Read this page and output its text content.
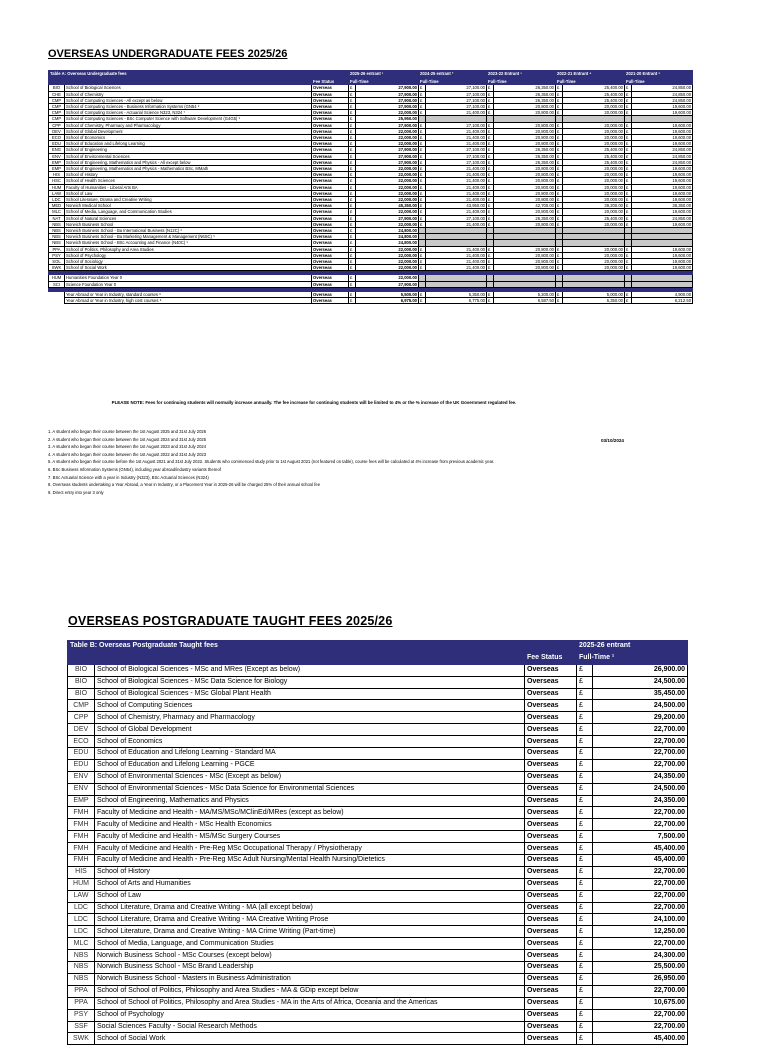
OVERSEAS UNDERGRADUATE FEES 2025/26
Table A: Overseas Undergraduate fees			2025-26 entrant ¹		2024-25 entrant ²		2023-22 Entrant ³		2022-21 Entrant ⁴		2021-20 Entrant ⁵	
		Fee Status	Full-Time		Full-Time		Full-Time		Full-Time		Full-Time	
BIO	School of Biological Sciences	Overseas	£	27,900.00	£	27,100.00	£	26,350.00	£	25,400.00	£	24,850.00
CHE	School of Chemistry	Overseas	£	27,900.00	£	27,100.00	£	26,350.00	£	25,400.00	£	24,850.00
CMP	School of Computing Sciences - All except as below	Overseas	£	27,900.00	£	27,100.00	£	26,350.00	£	25,400.00	£	24,850.00
CMP	School of Computing Sciences - Business Information Systems (GN54 ⁶	Overseas	£	27,900.00	£	27,100.00	£	20,800.00	£	20,000.00	£	19,600.00
CMP	School of Computing Sciences - Actuarial Science N323, N324 ⁷	Overseas	£	22,000.00	£	21,400.00	£	20,800.00	£	20,000.00	£	19,600.00
CMP	School of Computing Sciences - BSc Computer Science with Software Development (G4G5) ⁹	Overseas	£	25,950.00								
CPP	School of Chemistry, Pharmacy and Pharmacology	Overseas	£	27,900.00	£	27,100.00	£	20,800.00	£	20,000.00	£	19,600.00
DEV	School of Global Development	Overseas	£	22,000.00	£	21,400.00	£	20,800.00	£	20,000.00	£	19,600.00
ECO	School of Economics	Overseas	£	22,000.00	£	21,400.00	£	20,800.00	£	20,000.00	£	19,600.00
EDU	School of Education and Lifelong Learning	Overseas	£	22,000.00	£	21,400.00	£	20,800.00	£	20,000.00	£	19,600.00
ENG	School of Engineering	Overseas	£	27,900.00	£	27,100.00	£	26,350.00	£	25,400.00	£	24,850.00
ENV	School of Environmental Sciences	Overseas	£	27,900.00	£	27,100.00	£	26,350.00	£	25,400.00	£	24,850.00
EMP	School of Engineering, Mathematics and Physics - All except below	Overseas	£	27,900.00	£	27,100.00	£	26,350.00	£	25,400.00	£	24,850.00
EMP	School of Engineering, Mathematics and Physics - Mathematics BSc, MMath	Overseas	£	22,000.00	£	21,400.00	£	20,800.00	£	20,000.00	£	19,600.00
HIS	School of History	Overseas	£	22,000.00	£	21,400.00	£	20,800.00	£	20,000.00	£	19,600.00
HSC	School of Health Sciences	Overseas	£	22,000.00	£	21,400.00	£	20,800.00	£	20,000.00	£	19,600.00
HUM	Faculty of Humanities - Liberal Arts BA	Overseas	£	22,000.00	£	21,400.00	£	20,800.00	£	20,000.00	£	19,600.00
LAW	School of Law	Overseas	£	22,000.00	£	21,400.00	£	20,800.00	£	20,000.00	£	19,600.00
LDC	School Literature, Drama and Creative Writing	Overseas	£	22,000.00	£	21,400.00	£	20,800.00	£	20,000.00	£	19,600.00
MED	Norwich Medical School	Overseas	£	45,350.00	£	43,950.00	£	42,700.00	£	39,200.00	£	38,350.00
MLC	School of Media, Language, and Communication Studies	Overseas	£	22,000.00	£	21,400.00	£	20,800.00	£	20,000.00	£	19,600.00
NAT	School of Natural Sciences	Overseas	£	27,900.00	£	27,100.00	£	26,350.00	£	25,400.00	£	24,850.00
NBS	Norwich Business School	Overseas	£	22,000.00	£	21,400.00	£	20,800.00	£	20,000.00	£	19,600.00
NBS	Norwich Business School - Ba International Business (N12C) ⁹	Overseas	£	24,800.00								
NBS	Norwich Business School - Ba Marketing Management & Management (N6SC) ⁹	Overseas	£	24,800.00								
NBS	Norwich Business School - BSc Accounting and Finance (N40C) ⁹	Overseas	£	24,800.00								
PPA	School of Politics, Philosophy and Area Studies	Overseas	£	22,000.00	£	21,400.00	£	20,800.00	£	20,000.00	£	19,600.00
PSY	School of Psychology	Overseas	£	22,000.00	£	21,400.00	£	20,800.00	£	20,000.00	£	19,600.00
SOL	School of Sociology	Overseas	£	22,000.00	£	21,400.00	£	20,800.00	£	20,000.00	£	19,600.00
SWK	School of Social Work	Overseas	£	22,000.00	£	21,400.00	£	20,800.00	£	20,000.00	£	19,600.00

HUM	Humanities Foundation Year 0	Overseas	£	22,000.00								
SCI	Science Foundation Year 0	Overseas	£	27,900.00								

	Year Abroad or Year in Industry, standard courses ⁸	Overseas	£	5,500.00	£	5,350.00	£	5,200.00	£	5,000.00	£	4,900.00
	Year Abroad or Year in Industry, high cost courses ⁸	Overseas	£	6,975.00	£	6,775.00	£	6,587.50	£	6,350.00	£	6,212.50
PLEASE NOTE: Fees for continuing students will normally increase annually. The fee increase for continuing students will be limited to 4% or the % increase of the UK Government regulated fee.
1. A student who began their course between the 1st August 2025 and 31st July 2026
2. A student who began their course between the 1st August 2024 and 31st July 2025
3. A student who began their course between the 1st August 2023 and 31st July 2024
4. A student who began their course between the 1st August 2022 and 31st July 2023
5. A student who began their course before the 1st August 2021 and 31st July 2022. Students who commenced study prior to 1st August 2021 (not featured on table), course fees will be calculated at 4% increase from previous academic year.
6. BSc Business Information Systems (GN54), including year abroad/industry variants thereof
7. BSc Actuarial Science with a year in Industry (N323), BSc Actuarial Sciences (N324)
8. Overseas students undertaking a Year Abroad, a Year in Industry, or a Placement Year in 2025-26 will be charged 25% of their annual school fee
9. Direct entry into year 3 only
03/10/2024
OVERSEAS POSTGRADUATE TAUGHT FEES 2025/26
Table B: Overseas Postgraduate Taught fees			2025-26 entrant	
		Fee Status	Full-Time ¹	
BIO	School of Biological Sciences - MSc and MRes (Except as below)	Overseas	£	26,900.00
BIO	School of Biological Sciences - MSc Data Science for Biology	Overseas	£	24,500.00
BIO	School of Biological Sciences - MSc Global Plant Health	Overseas	£	35,450.00
CMP	School of Computing Sciences	Overseas	£	24,500.00
CPP	School of Chemistry, Pharmacy and Pharmacology	Overseas	£	29,200.00
DEV	School of Global Development	Overseas	£	22,700.00
ECO	School of Economics	Overseas	£	22,700.00
EDU	School of Education and Lifelong Learning - Standard MA	Overseas	£	22,700.00
EDU	School of Education and Lifelong Learning - PGCE	Overseas	£	22,700.00
ENV	School of Environmental Sciences - MSc (Except as below)	Overseas	£	24,350.00
ENV	School of Environmental Sciences - MSc Data Science for Environmental Sciences	Overseas	£	24,500.00
EMP	School of Engineering, Mathematics and Physics	Overseas	£	24,350.00
FMH	Faculty of Medicine and Health - MA/MS/MSc/MClinEd/MRes (except as below)	Overseas	£	22,700.00
FMH	Faculty of Medicine and Health - MSc Health Economics	Overseas	£	22,700.00
FMH	Faculty of Medicine and Health - MS/MSc Surgery Courses	Overseas	£	7,500.00
FMH	Faculty of Medicine and Health - Pre-Reg MSc Occupational Therapy / Physiotherapy	Overseas	£	45,400.00
FMH	Faculty of Medicine and Health - Pre-Reg MSc Adult Nursing/Mental Health Nursing/Dietetics	Overseas	£	45,400.00
HIS	School of History	Overseas	£	22,700.00
HUM	School of Arts and Humanities	Overseas	£	22,700.00
LAW	School of Law	Overseas	£	22,700.00
LDC	School Literature, Drama and Creative Writing - MA (all except below)	Overseas	£	22,700.00
LDC	School Literature, Drama and Creative Writing - MA Creative Writing Prose	Overseas	£	24,100.00
LDC	School Literature, Drama and Creative Writing - MA Crime Writing (Part-time)	Overseas	£	12,250.00
MLC	School of Media, Language, and Communication Studies	Overseas	£	22,700.00
NBS	Norwich Business School - MSc Courses (except below)	Overseas	£	24,300.00
NBS	Norwich Business School - MSc Brand Leadership	Overseas	£	25,500.00
NBS	Norwich Business School - Masters in Business Administration	Overseas	£	26,950.00
PPA	School of School of Politics, Philosophy and Area Studies - MA & GDip except below	Overseas	£	22,700.00
PPA	School of School of Politics, Philosophy and Area Studies - MA in the Arts of Africa, Oceania and the Americas	Overseas	£	10,675.00
PSY	School of Psychology	Overseas	£	22,700.00
SSF	Social Sciences Faculty - Social Research Methods	Overseas	£	22,700.00
SWK	School of Social Work	Overseas	£	45,400.00
